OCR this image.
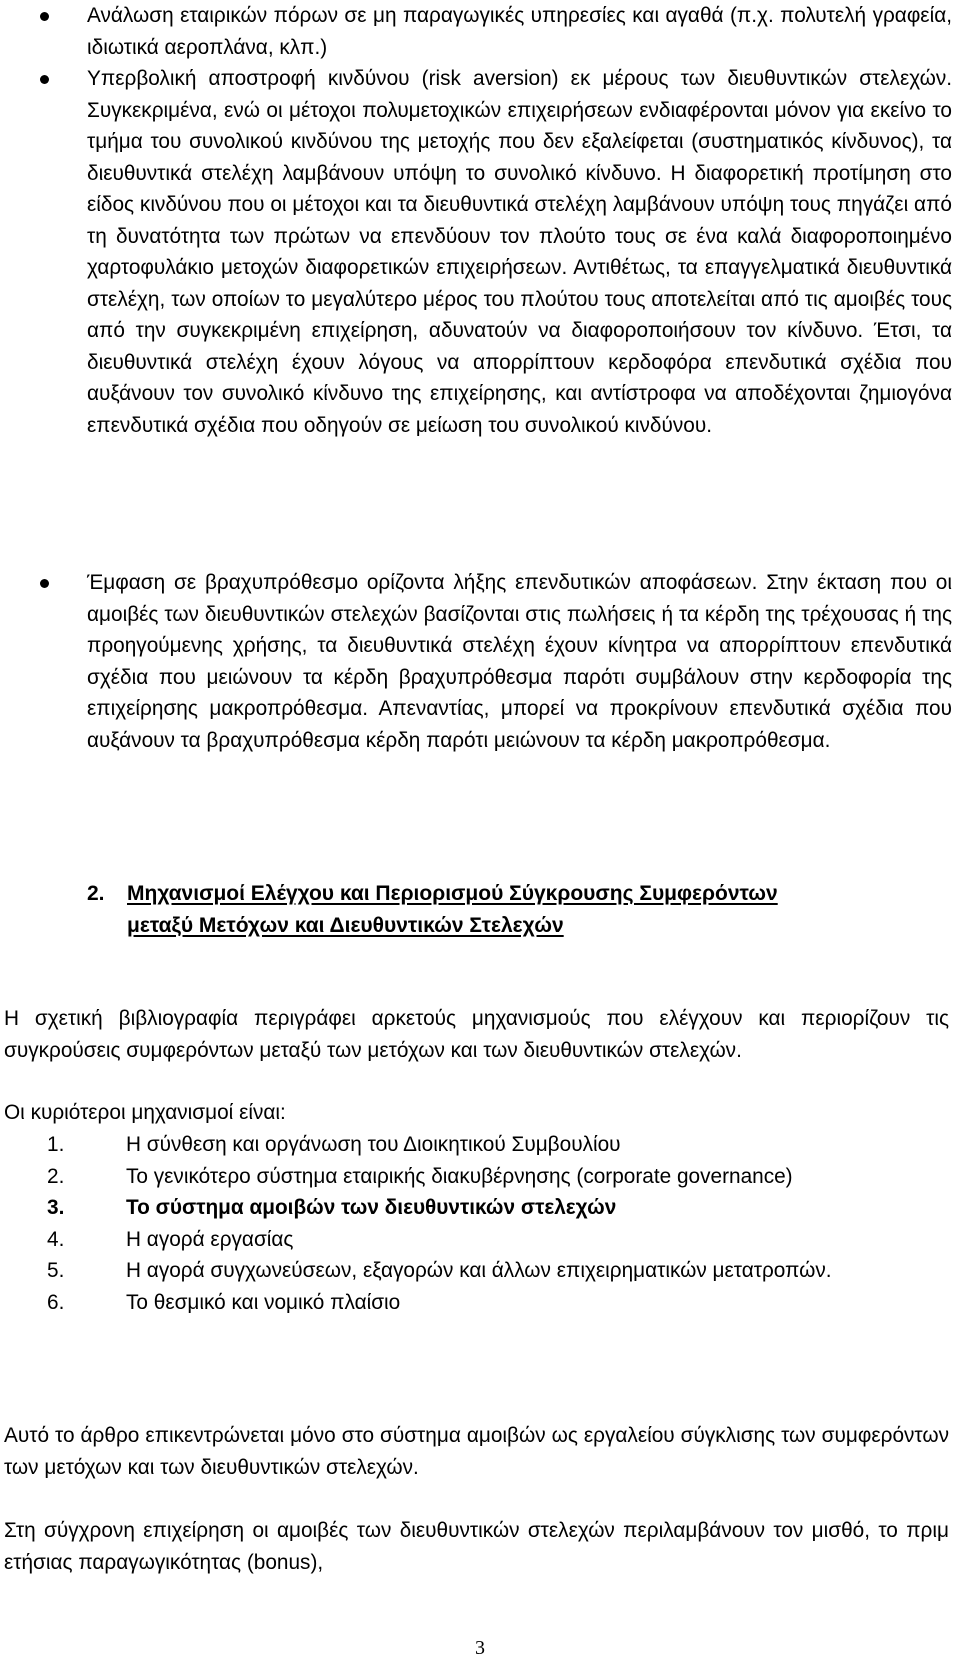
Ανάλωση εταιρικών πόρων σε μη παραγωγικές υπηρεσίες και αγαθά (π.χ. πολυτελή γραφεία, ιδιωτικά αεροπλάνα, κλπ.)
Υπερβολική αποστροφή κινδύνου (risk aversion) εκ μέρους των διευθυντικών στελεχών. Συγκεκριμένα, ενώ οι μέτοχοι πολυμετοχικών επιχειρήσεων ενδιαφέρονται μόνον για εκείνο το τμήμα του συνολικού κινδύνου της μετοχής που δεν εξαλείφεται (συστηματικός κίνδυνος), τα διευθυντικά στελέχη λαμβάνουν υπόψη το συνολικό κίνδυνο. Η διαφορετική προτίμηση στο είδος κινδύνου που οι μέτοχοι και τα διευθυντικά στελέχη λαμβάνουν υπόψη τους πηγάζει από τη δυνατότητα των πρώτων να επενδύουν τον πλούτο τους σε ένα καλά διαφοροποιημένο χαρτοφυλάκιο μετοχών διαφορετικών επιχειρήσεων. Αντιθέτως, τα επαγγελματικά διευθυντικά στελέχη, των οποίων το μεγαλύτερο μέρος του πλούτου τους αποτελείται από τις αμοιβές τους από την συγκεκριμένη επιχείρηση, αδυνατούν να διαφοροποιήσουν τον κίνδυνο. Έτσι, τα διευθυντικά στελέχη έχουν λόγους να απορρίπτουν κερδοφόρα επενδυτικά σχέδια που αυξάνουν τον συνολικό κίνδυνο της επιχείρησης, και αντίστροφα να αποδέχονται ζημιογόνα επενδυτικά σχέδια που οδηγούν σε μείωση του συνολικού κινδύνου.
Έμφαση σε βραχυπρόθεσμο ορίζοντα λήξης επενδυτικών αποφάσεων. Στην έκταση που οι αμοιβές των διευθυντικών στελεχών βασίζονται στις πωλήσεις ή τα κέρδη της τρέχουσας ή της προηγούμενης χρήσης, τα διευθυντικά στελέχη έχουν κίνητρα να απορρίπτουν επενδυτικά σχέδια που μειώνουν τα κέρδη βραχυπρόθεσμα παρότι συμβάλουν στην κερδοφορία της επιχείρησης μακροπρόθεσμα. Απεναντίας, μπορεί να προκρίνουν επενδυτικά σχέδια που αυξάνουν τα βραχυπρόθεσμα κέρδη παρότι μειώνουν τα κέρδη μακροπρόθεσμα.
2. Μηχανισμοί Ελέγχου και Περιορισμού Σύγκρουσης Συμφερόντων μεταξύ Μετόχων και Διευθυντικών Στελεχών
Η σχετική βιβλιογραφία περιγράφει αρκετούς μηχανισμούς που ελέγχουν και περιορίζουν τις συγκρούσεις συμφερόντων μεταξύ των μετόχων και των διευθυντικών στελεχών.
Οι κυριότεροι μηχανισμοί είναι:
1.	Η σύνθεση και οργάνωση του Διοικητικού Συμβουλίου
2.	Το γενικότερο σύστημα εταιρικής διακυβέρνησης (corporate governance)
3.	Το σύστημα αμοιβών των διευθυντικών στελεχών
4.	Η αγορά εργασίας
5.	Η αγορά συγχωνεύσεων, εξαγορών και άλλων επιχειρηματικών μετατροπών.
6.	Το θεσμικό και νομικό πλαίσιο
Αυτό το άρθρο επικεντρώνεται μόνο στο σύστημα αμοιβών ως εργαλείου σύγκλισης των συμφερόντων των μετόχων και των διευθυντικών στελεχών.
Στη σύγχρονη επιχείρηση οι αμοιβές των διευθυντικών στελεχών περιλαμβάνουν τον μισθό, το πριμ ετήσιας παραγωγικότητας (bonus),
3
